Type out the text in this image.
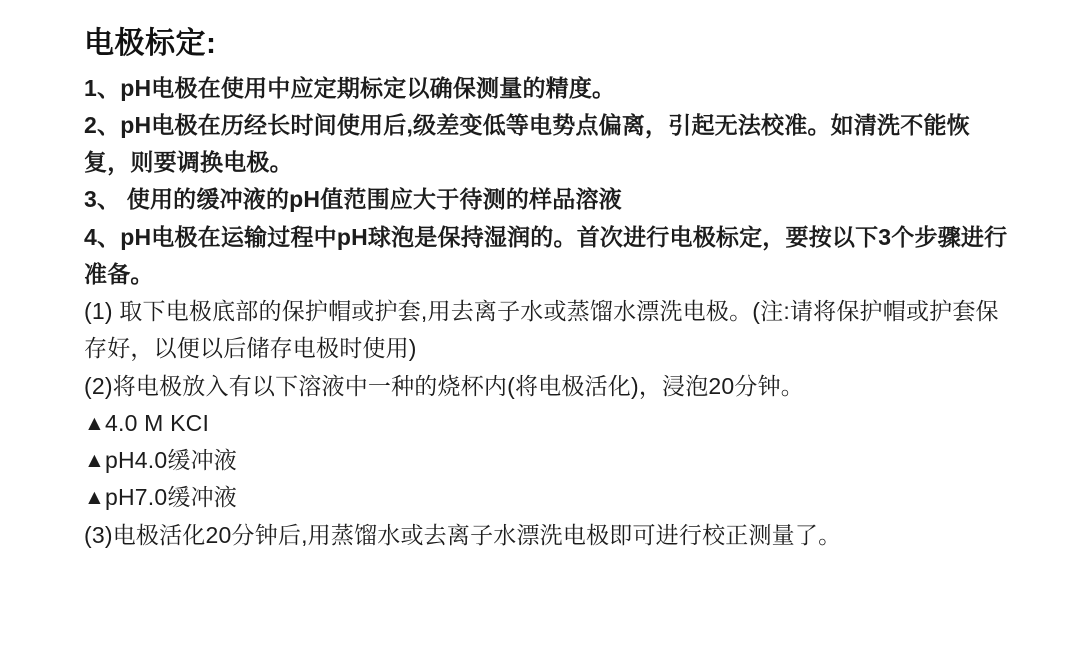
电极标定:

1、pH电极在使用中应定期标定以确保测量的精度。

2、pH电极在历经长时间使用后,级差变低等电势点偏离，引起无法校准。如清洗不能恢复，则要调换电极。

3、 使用的缓冲液的pH值范围应大于待测的样品溶液

4、pH电极在运输过程中pH球泡是保持湿润的。首次进行电极标定，要按以下3个步骤进行准备。

(1) 取下电极底部的保护帽或护套,用去离子水或蒸馏水漂洗电极。(注:请将保护帽或护套保存好，以便以后储存电极时使用)

(2)将电极放入有以下溶液中一种的烧杯内(将电极活化)，浸泡20分钟。

▲4.0 M KCI
▲pH4.0缓冲液
▲pH7.0缓冲液

(3)电极活化20分钟后,用蒸馏水或去离子水漂洗电极即可进行校正测量了。
